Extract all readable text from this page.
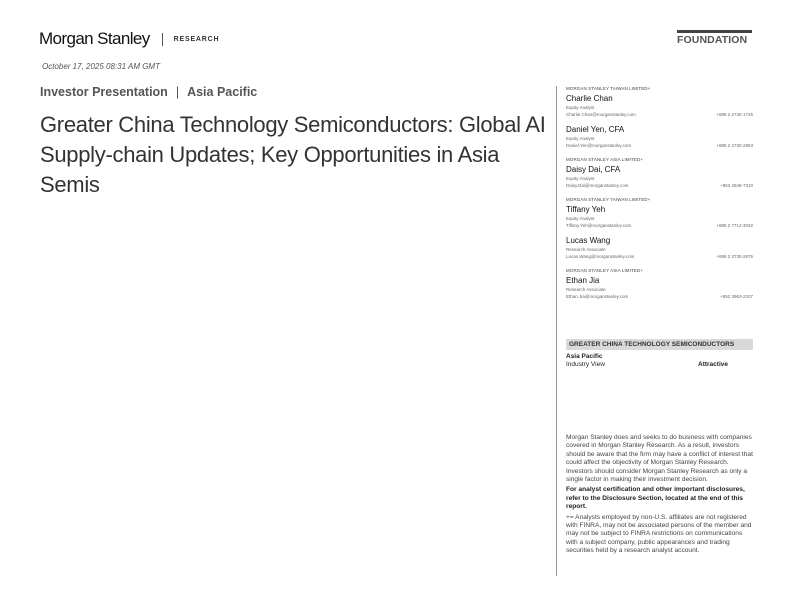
Morgan Stanley	RESEARCH	FOUNDATION
October 17, 2025 08:31 AM GMT
Investor Presentation | Asia Pacific
Greater China Technology Semiconductors: Global AI Supply-chain Updates; Key Opportunities in Asia Semis
MORGAN STANLEY TAIWAN LIMITED+
Charlie Chan
Equity Analyst
Charlie.Chan@morganstanley.com	+886 2 2730-1725
Daniel Yen, CFA
Equity Analyst
Daniel.Yen@morganstanley.com	+886 2 2730-2863
MORGAN STANLEY ASIA LIMITED+
Daisy Dai, CFA
Equity Analyst
Daisy.Dai@morganstanley.com	+852 2848-7310
MORGAN STANLEY TAIWAN LIMITED+
Tiffany Yeh
Equity Analyst
Tiffany.Yeh@morganstanley.com	+886 2 7712-3032
Lucas Wang
Research Associate
Lucas.Wang@morganstanley.com	+886 2 2730-2875
MORGAN STANLEY ASIA LIMITED+
Ethan Jia
Research Associate
Ethan.Jia@morganstanley.com	+852 3963-2207
GREATER CHINA TECHNOLOGY SEMICONDUCTORS
Asia Pacific
Industry View	Attractive

Morgan Stanley does and seeks to do business with companies covered in Morgan Stanley Research. As a result, investors should be aware that the firm may have a conflict of interest that could affect the objectivity of Morgan Stanley Research. Investors should consider Morgan Stanley Research as only a single factor in making their investment decision.

For analyst certification and other important disclosures, refer to the Disclosure Section, located at the end of this report.

+= Analysts employed by non-U.S. affiliates are not registered with FINRA, may not be associated persons of the member and may not be subject to FINRA restrictions on communications with a subject company, public appearances and trading securities held by a research analyst account.
